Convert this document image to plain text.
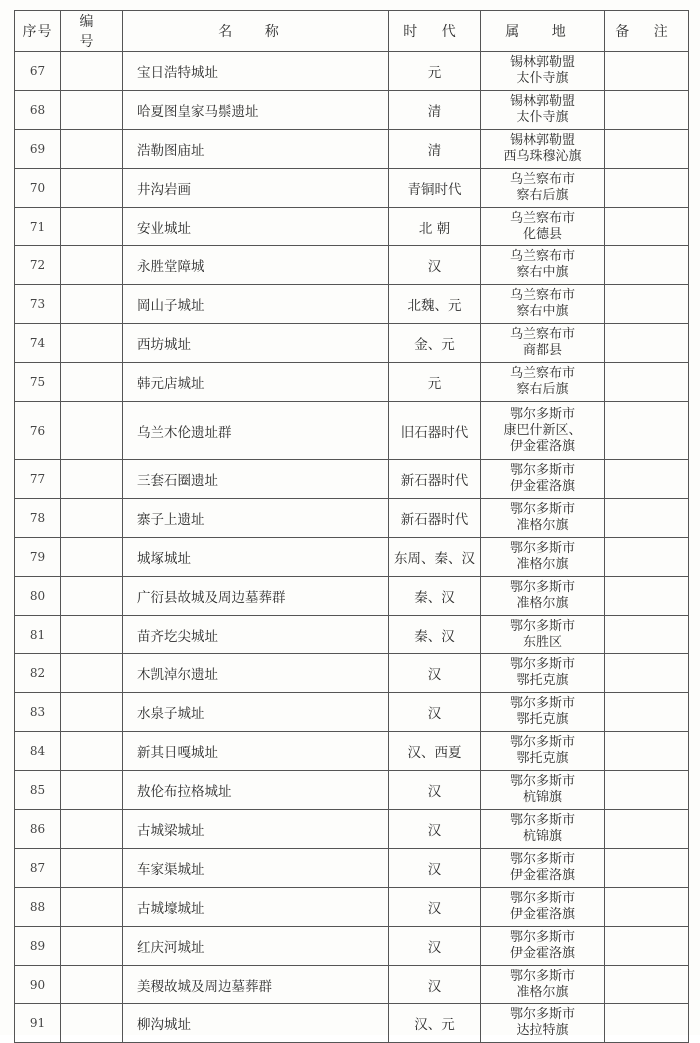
序号	编 号	名 称	时 代	属 地	备 注
67		宝日浩特城址	元	锡林郭勒盟
太仆寺旗	

68		哈夏图皇家马鬃遗址	清	锡林郭勒盟
太仆寺旗	

69		浩勒图庙址	清	锡林郭勒盟
西乌珠穆沁旗	

70		井沟岩画	青铜时代	乌兰察布市
察右后旗	

71		安业城址	北 朝	乌兰察布市
化德县	

72		永胜堂障城	汉	乌兰察布市
察右中旗	

73		岡山子城址	北魏、元	乌兰察布市
察右中旗	

74		西坊城址	金、元	乌兰察布市
商都县	

75		韩元店城址	元	乌兰察布市
察右后旗	

76		乌兰木伦遗址群	旧石器时代	鄂尔多斯市
康巴什新区、
伊金霍洛旗	

77		三套石圈遗址	新石器时代	鄂尔多斯市
伊金霍洛旗	

78		寨子上遗址	新石器时代	鄂尔多斯市
准格尔旗	

79		城塚城址	东周、秦、汉	鄂尔多斯市
准格尔旗	

80		广衍县故城及周边墓葬群	秦、汉	鄂尔多斯市
准格尔旗	

81		苗齐圪尖城址	秦、汉	鄂尔多斯市
东胜区	

82		木凯淖尔遗址	汉	鄂尔多斯市
鄂托克旗	

83		水泉子城址	汉	鄂尔多斯市
鄂托克旗	

84		新其日嘎城址	汉、西夏	鄂尔多斯市
鄂托克旗	

85		敖伦布拉格城址	汉	鄂尔多斯市
杭锦旗	

86		古城梁城址	汉	鄂尔多斯市
杭锦旗	

87		车家渠城址	汉	鄂尔多斯市
伊金霍洛旗	

88		古城壕城址	汉	鄂尔多斯市
伊金霍洛旗	

89		红庆河城址	汉	鄂尔多斯市
伊金霍洛旗	

90		美稷故城及周边墓葬群	汉	鄂尔多斯市
准格尔旗	

91		柳沟城址	汉、元	鄂尔多斯市
达拉特旗	
